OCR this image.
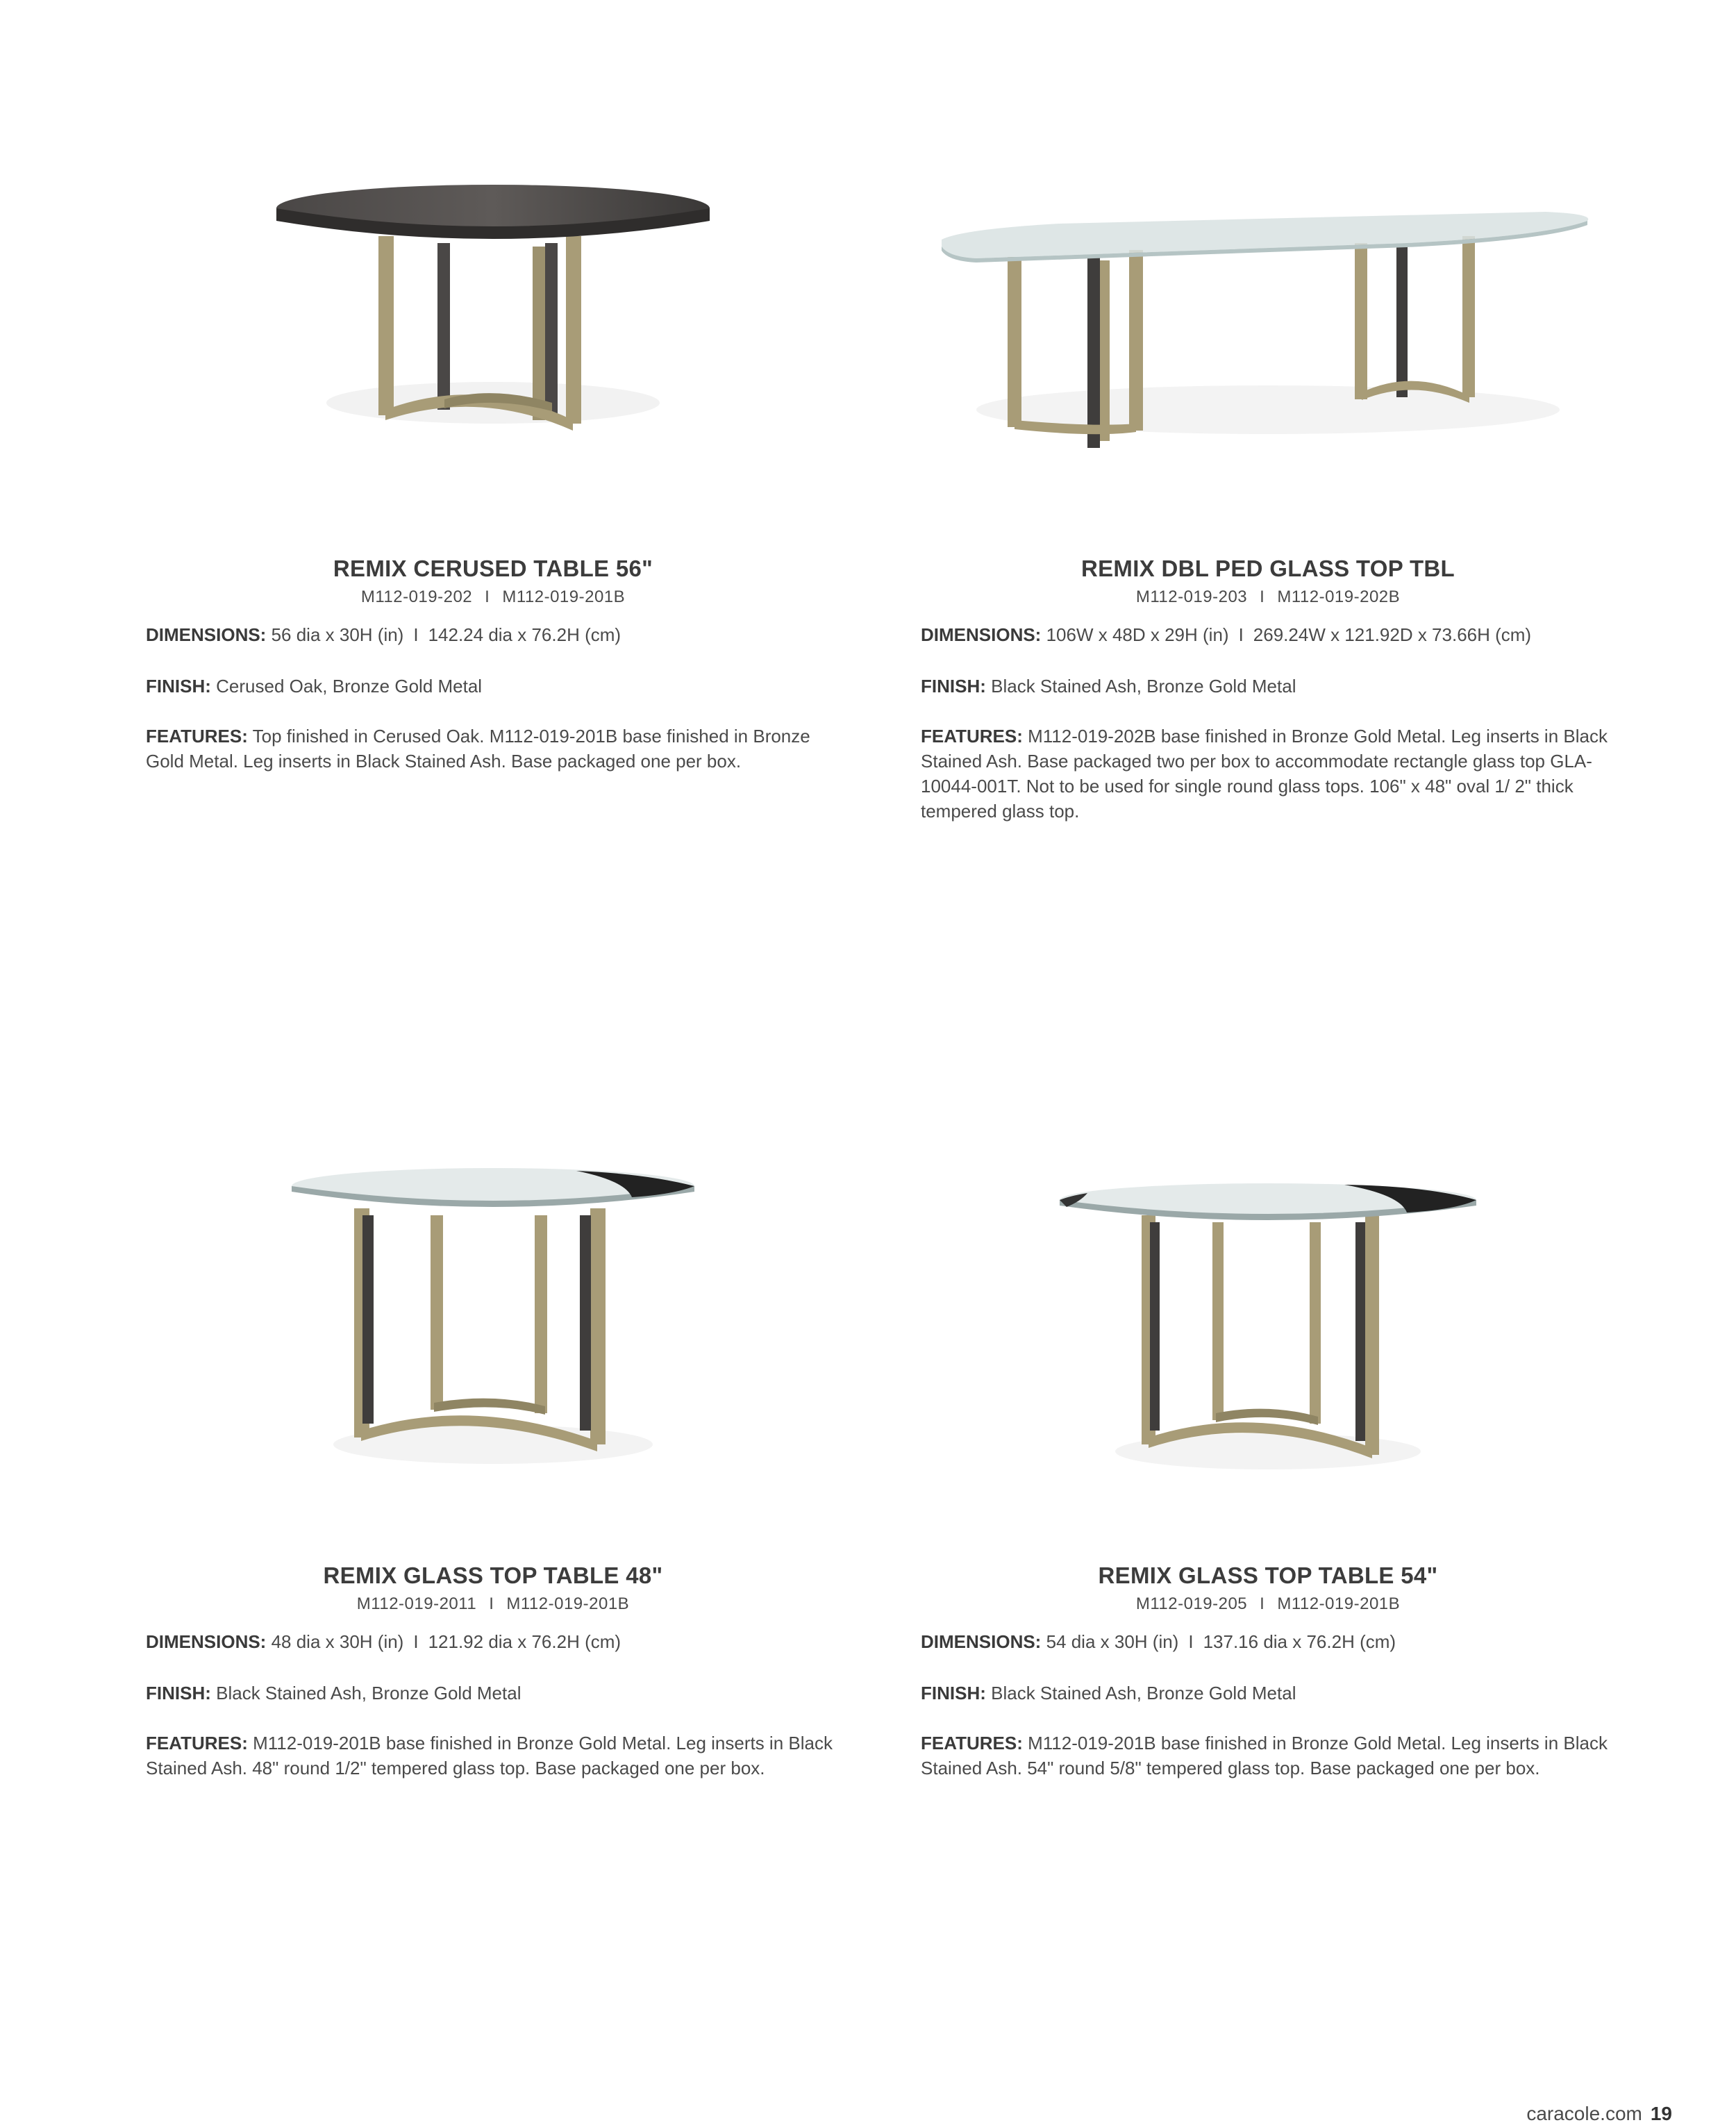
REMIX CERUSED TABLE 56"
M112-019-202 I M112-019-201B
DIMENSIONS: 56 dia x 30H (in) I 142.24 dia x 76.2H (cm)
FINISH: Cerused Oak, Bronze Gold Metal
FEATURES: Top finished in Cerused Oak. M112-019-201B base finished in Bronze Gold Metal. Leg inserts in Black Stained Ash. Base packaged one per box.
REMIX DBL PED GLASS TOP TBL
M112-019-203 I M112-019-202B
DIMENSIONS: 106W x 48D x 29H (in) I 269.24W x 121.92D x 73.66H (cm)
FINISH: Black Stained Ash, Bronze Gold Metal
FEATURES: M112-019-202B base finished in Bronze Gold Metal. Leg inserts in Black Stained Ash. Base packaged two per box to accommodate rectangle glass top GLA-10044-001T. Not to be used for single round glass tops. 106" x 48" oval 1/ 2" thick tempered glass top.
REMIX GLASS TOP TABLE 48"
M112-019-2011 I M112-019-201B
DIMENSIONS: 48 dia x 30H (in) I 121.92 dia x 76.2H (cm)
FINISH: Black Stained Ash, Bronze Gold Metal
FEATURES: M112-019-201B base finished in Bronze Gold Metal. Leg inserts in Black Stained Ash. 48" round 1/2" tempered glass top. Base packaged one per box.
REMIX GLASS TOP TABLE 54"
M112-019-205 I M112-019-201B
DIMENSIONS: 54 dia x 30H (in) I 137.16 dia x 76.2H (cm)
FINISH: Black Stained Ash, Bronze Gold Metal
FEATURES: M112-019-201B base finished in Bronze Gold Metal. Leg inserts in Black Stained Ash. 54" round 5/8" tempered glass top. Base packaged one per box.
caracole.com 19
